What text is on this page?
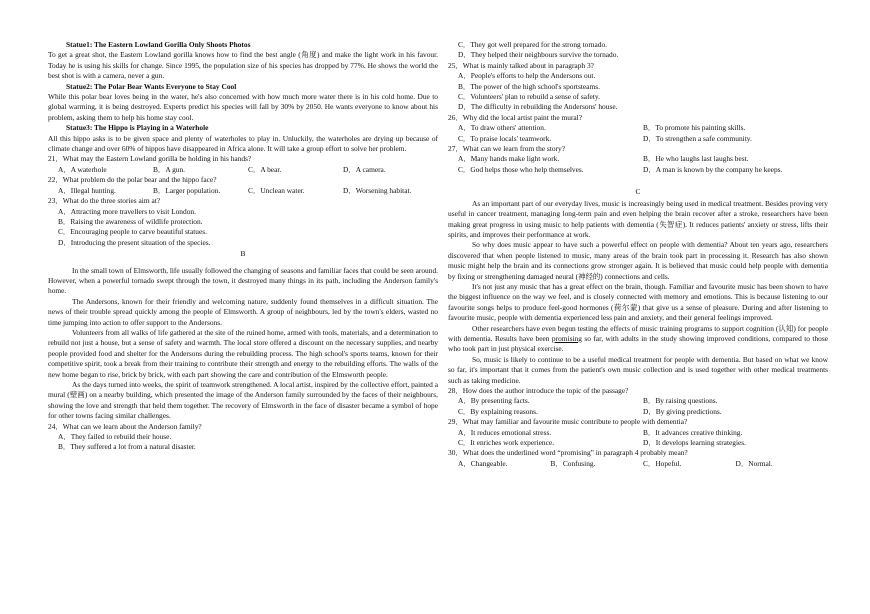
Statue1: The Eastern Lowland Gorilla Only Shoots Photos

To get a great shot, the Eastern Lowland gorilla knows how to find the best angle (角度) and make the light work in his favour. Today he is using his skills for change. Since 1995, the population size of his species has dropped by 77%. He shows the world the best shot is with a camera, never a gun.

Statue2: The Polar Bear Wants Everyone to Stay Cool

While this polar bear loves being in the water, he's also concerned with how much more water there is in his cold home. Due to global warming, it is being destroyed. Experts predict his species will fall by 30% by 2050. He wants everyone to know about his problem, asking them to help his home stay cool.

Statue3: The Hippo is Playing in a Waterhole

All this hippo asks is to be given space and plenty of waterholes to play in. Unluckily, the waterholes are drying up because of climate change and over 60% of hippos have disappeared in Africa alone. It will take a group effort to solve her problem.

21．What may the Eastern Lowland gorilla be holding in his hands?

A．A waterhole	B．A gun.	C．A bear.	D．A camera.

22．What problem do the polar bear and the hippo face?

A．Illegal hunting.	B．Larger population.	C．Unclean water.	D．Worsening habitat.

23．What do the three stories aim at?

A．Attracting more travellers to visit London.

B．Raising the awareness of wildlife protection.

C．Encouraging people to carve beautiful statues.

D．Introducing the present situation of the species.

B

In the small town of Elmsworth, life usually followed the changing of seasons and familiar faces that could be seen around. However, when a powerful tornado swept through the town, it destroyed many things in its path, including the Anderson family's home.

The Andersons, known for their friendly and welcoming nature, suddenly found themselves in a difficult situation. The news of their trouble spread quickly among the people of Elmsworth. A group of neighbours, led by the town's elders, wasted no time jumping into action to offer support to the Andersons.

Volunteers from all walks of life gathered at the site of the ruined home, armed with tools, materials, and a determination to rebuild not just a house, but a sense of safety and warmth. The local store offered a discount on the necessary supplies, and nearby people provided food and shelter for the Andersons during the rebuilding process. The high school's sports teams, known for their competitive spirit, took a break from their training to contribute their strength and energy to the rebuilding efforts. The walls of the new home began to rise, brick by brick, with each part showing the care and contribution of the Elmsworth people.

As the days turned into weeks, the spirit of teamwork strengthened. A local artist, inspired by the collective effort, painted a mural (壁画) on a nearby building, which presented the image of the Anderson family surrounded by the faces of their neighbours, showing the love and strength that held them together. The recovery of Elmsworth in the face of disaster became a symbol of hope for other towns facing similar challenges.

24．What can we learn about the Anderson family?

A．They failed to rebuild their house.

B．They suffered a lot from a natural disaster.

C．They got well prepared for the strong tornado.

D．They helped their neighbours survive the tornado.

25．What is mainly talked about in paragraph 3?

A．People's efforts to help the Andersons out.

B．The power of the high school's sportsteams.

C．Volunteers' plan to rebuild a sense of safety.

D．The difficulty in rebuilding the Andersons' house.

26．Why did the local artist paint the mural?

A．To draw others' attention.	B．To promote his painting skills.
C．To praise locals' teamwork.	D．To strengthen a safe community.

27．What can we learn from the story?

A．Many hands make light work.	B．He who laughs last laughs best.
C．God helps those who help themselves.	D．A man is known by the company he keeps.

C

As an important part of our everyday lives, music is increasingly being used in medical treatment. Besides proving very useful in cancer treatment, managing long-term pain and even helping the brain recover after a stroke, researchers have been making great progress in using music to help patients with dementia (失智症). It reduces patients' anxiety or stress, lifts their spirits, and improves their performance at work.

So why does music appear to have such a powerful effect on people with dementia? About ten years ago, researchers discovered that when people listened to music, many areas of the brain took part in processing it. Research has also shown music might help the brain and its connections grow stronger again. It is believed that music could help people with dementia by fixing or strengthening damaged neural (神经的) connections and cells.

It's not just any music that has a great effect on the brain, though. Familiar and favourite music has been shown to have the biggest influence on the way we feel, and is closely connected with memory and emotions. This is because listening to our favourite songs helps to produce feel-good hormones (荷尔蒙) that give us a sense of pleasure. During and after listening to favourite music, people with dementia experienced less pain and anxiety, and their general feelings improved.

Other researchers have even begun testing the effects of music training programs to support cognition (认知) for people with dementia. Results have been promising so far, with adults in the study showing improved conditions, compared to those who took part in just physical exercise.

So, music is likely to continue to be a useful medical treatment for people with dementia. But based on what we know so far, it's important that it comes from the patient's own music collection and is used together with other medical treatments such as taking medicine.

28．How does the author introduce the topic of the passage?

A．By presenting facts.	B．By raising questions.
C．By explaining reasons.	D．By giving predictions.

29．What may familiar and favourite music contribute to people with dementia?

A．It reduces emotional stress.	B．It advances creative thinking.
C．It enriches work experience.	D．It develops learning strategies.

30．What does the underlined word “promising” in paragraph 4 probably mean?

A．Changeable.	B．Confusing.	C．Hopeful.	D．Normal.
